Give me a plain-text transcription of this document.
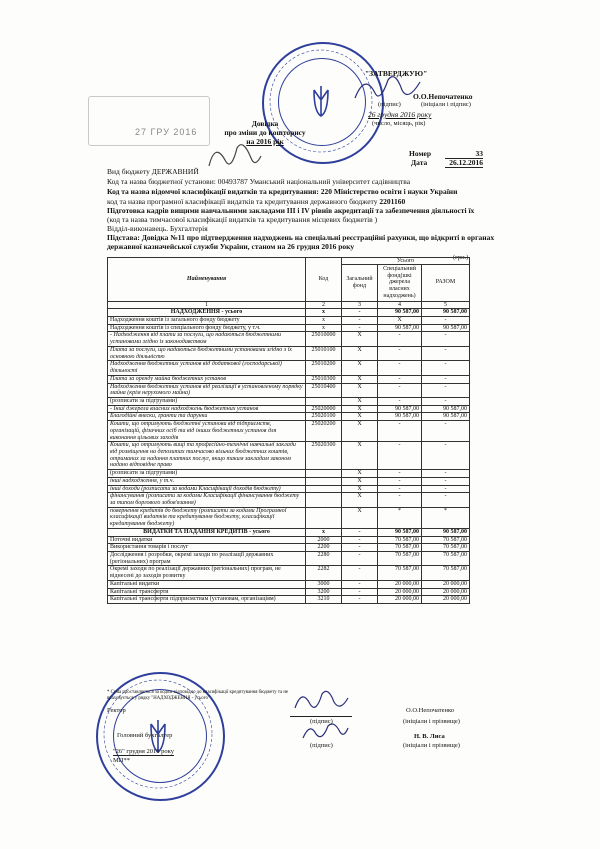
27 ГРУ 2016
"ЗАТВЕРДЖУЮ"
О.О.Непочатенко
(підпис)	(ініціали і підпис)
26 грудня 2016 року
(число, місяць, рік)
Довідка
про зміни до кошторису
на 2016 рік
Номер	33
Дата	26.12.2016
Вид бюджету ДЕРЖАВНИЙ
Код та назва бюджетної установи: 00493787 Уманський національний університет садівництва
Код та назва відомчої класифікації видатків та кредитування: 220 Міністерство освіти і науки України
код та назва програмної класифікації видатків та кредитування державного бюджету 2201160
Підготовка кадрів вищими навчальними закладами ІІІ і IV рівнів акредитації та забезпечення діяльності їх
(код та назва тимчасової класифікації видатків та кредитування місцевих бюджетів )
Відділ-виконавець. Бухгалтерія
Підстава: Довідка №11 про підтвердження надходжень на спеціальні реєстраційні рахунки, що відкриті в органах державної казначейської служби України, станом на 26 грудня 2016 року
(грн.)
Найменування	Код	Усього		
		Загальний фонд	Спеціальний фонд(шкі джерела власних надходжень)	РАЗОМ
1	2	3	4	5
НАДХОДЖЕННЯ - усього	х	-	90 587,00	90 587,00
Надходження коштів із загального фонду бюджету	х	-	Х	-
Надходження коштів із спеціального фонду бюджету, у т.ч.	х	-	90 587,00	90 587,00
- Надходження від плати за послуги, що надаються бюджетними установами згідно із законодавством	25010000	Х	-	-
Плата за послуги, що надаються бюджетними установами згідно з їх основною діяльністю	25010100	Х	-	-
Надходження бюджетних установ від додаткової (господарської) діяльності	25010200	Х	-	-
Плата за оренду майна бюджетних установ	25010300	Х	-	-
Надходження бюджетних установ від реалізації в установленому порядку майна (крім нерухомого майна)	25010400	Х	-	-
(розписати за підгрупами)		Х	-	-
- Інші джерела власних надходжень бюджетних установ	25020000	Х	90 587,00	90 587,00
Благодійні внески, гранти та дарунки	25020100	Х	90 587,00	90 587,00
Кошти, що отримують бюджетні установи від підприємств, організацій, фізичних осіб та від інших бюджетних установ для виконання цільових заходів	25020200	Х	-	-
Кошти, що отримують вищі та професійно-технічні навчальні заклади від розміщення на депозитах тимчасово вільних бюджетних коштів, отриманих за надання платних послуг, якщо таким закладам законом надано відповідне право	25020300	Х	-	-
(розписати за підгрупами)		Х	-	-
інші надходження, у т.ч.		Х	-	-
інші доходи (розписати за кодами Класифікації доходів бюджету)		Х	-	-
фінансування (розписати за кодами Класифікації фінансування бюджету за типом боргового зобов'язання)		Х	-	-
повернення кредитів до бюджету (розписати за кодами Програмної класифікації видатків та кредитування бюджету, класифікації кредитування бюджету)		Х	*	*
ВИДАТКИ ТА НАДАННЯ КРЕДИТІВ - усього	х	-	90 587,00	90 587,00
Поточні видатки	2000	-	70 587,00	70 587,00
Використання товарів і послуг	2200	-	70 587,00	70 587,00
Дослідження і розробки, окремі заходи по реалізації державних (регіональних) програм	2280	-	70 587,00	70 587,00
Окремі заходи по реалізації державних (регіональних) програм, не віднесені до заходів розвитку	2282	-	70 587,00	70 587,00
Капітальні видатки	3000	-	20 000,00	20 000,00
Капітальні трансферти	3200	-	20 000,00	20 000,00
Капітальні трансферти підприємствам (установам, організаціям)	3210	-	20 000,00	20 000,00
* Сума проставляється за кодом відповідно до класифікації кредитування бюджету та не враховується у рядку "НАДХОДЖЕННЯ - усього"
Ректор	О.О.Непочатенко
(підпис)	(ініціали і прізвище)
Головний бухгалтер	Н. В. Лиса
(підпис)	(ініціали і прізвище)
"26" грудня 2016 року
МП**
